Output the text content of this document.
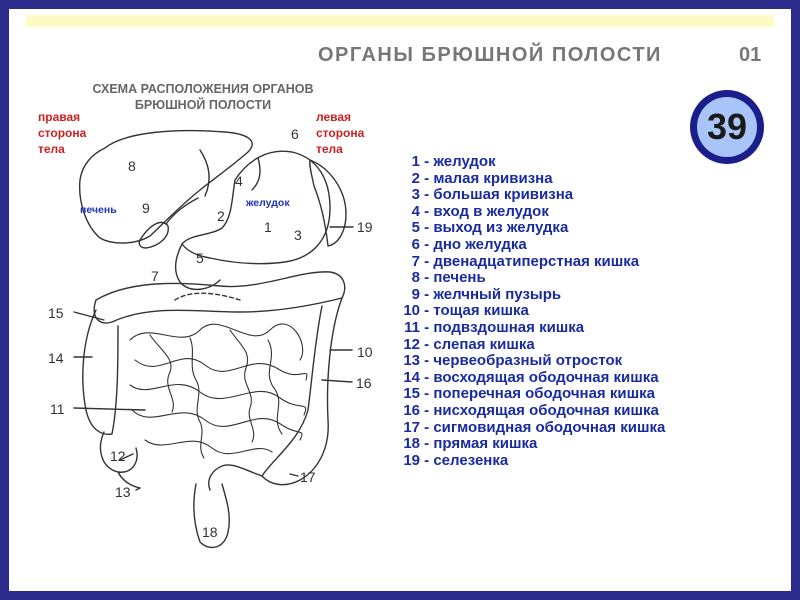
ОРГАНЫ БРЮШНОЙ ПОЛОСТИ	01
39
СХЕМА РАСПОЛОЖЕНИЯ ОРГАНОВ
БРЮШНОЙ ПОЛОСТИ
правая
сторона
тела
левая
сторона
тела
печень
желудок
1
2
3
4
5
6
7
8
9
10
11
12
13
14
15
16
17
18
19
1 - желудок
2 - малая кривизна
3 - большая кривизна
4 - вход в желудок
5 - выход из желудка
6 - дно желудка
7 - двенадцатиперстная кишка
8 - печень
9 - желчный пузырь
10 - тощая кишка
11 - подвздошная кишка
12 - слепая кишка
13 - червеобразный отросток
14 - восходящая ободочная кишка
15 - поперечная ободочная кишка
16 - нисходящая ободочная кишка
17 - сигмовидная ободочная кишка
18 - прямая кишка
19 - селезенка
